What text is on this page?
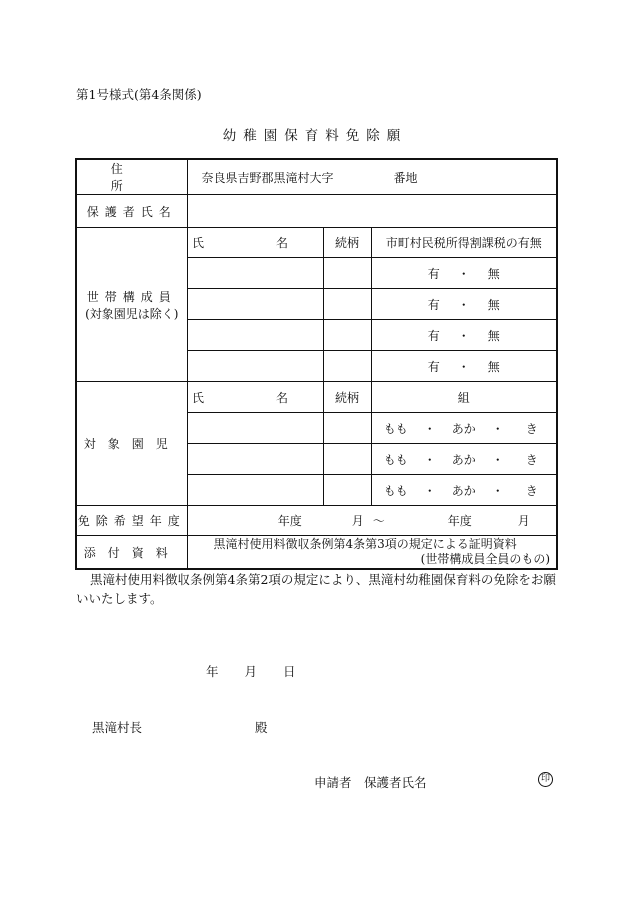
第1号様式(第4条関係)
幼稚園保育料免除願
住　所	奈良県吉野郡黒滝村大字 番地		
保護者氏名			

世帯構成員
(対象園児は除く)	氏　名	続柄	市町村民税所得割課税の有無
			有 ・ 無
			有 ・ 無
			有 ・ 無
			有 ・ 無
対象園児	氏　名	続柄	組
			もも ・ あか ・ き
			もも ・ あか ・ き
			もも ・ あか ・ き
免除希望年度	年度 月 ～ 年度 月		
添付資料	黒滝村使用料徴収条例第4条第3項の規定による証明資料
(世帯構成員全員のもの)		
黒滝村使用料徴収条例第4条第2項の規定により、黒滝村幼稚園保育料の免除をお願いいたします。
年 月 日
黒滝村長	殿
申請者　保護者氏名	印
